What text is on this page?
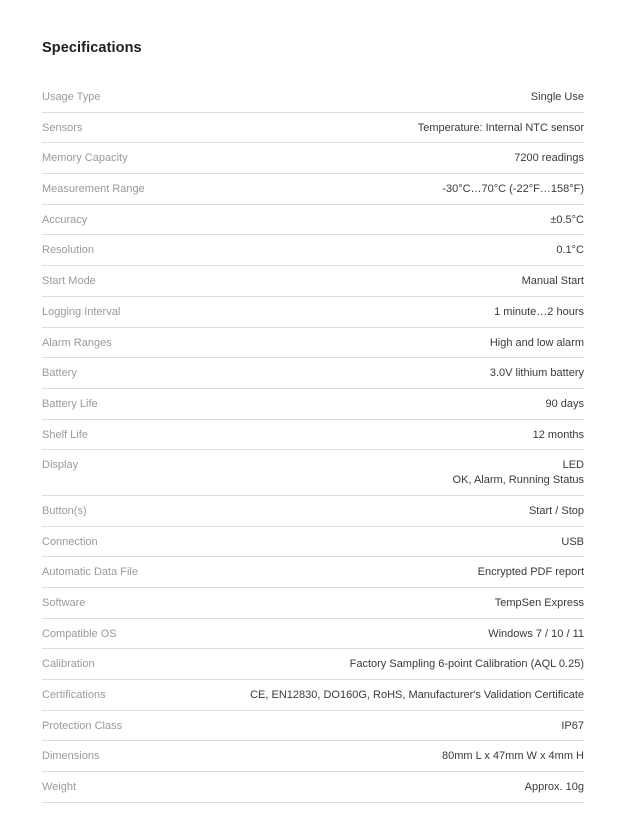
Specifications
Usage Type	Single Use
Sensors	Temperature: Internal NTC sensor
Memory Capacity	7200 readings
Measurement Range	-30°C…70°C (-22°F…158°F)
Accuracy	±0.5°C
Resolution	0.1°C
Start Mode	Manual Start
Logging Interval	1 minute…2 hours
Alarm Ranges	High and low alarm
Battery	3.0V lithium battery
Battery Life	90 days
Shelf Life	12 months
Display	LED
OK, Alarm, Running Status
Button(s)	Start / Stop
Connection	USB
Automatic Data File	Encrypted PDF report
Software	TempSen Express
Compatible OS	Windows 7 / 10 / 11
Calibration	Factory Sampling 6-point Calibration (AQL 0.25)
Certifications	CE, EN12830, DO160G, RoHS, Manufacturer's Validation Certificate
Protection Class	IP67
Dimensions	80mm L x 47mm W x 4mm H
Weight	Approx. 10g
